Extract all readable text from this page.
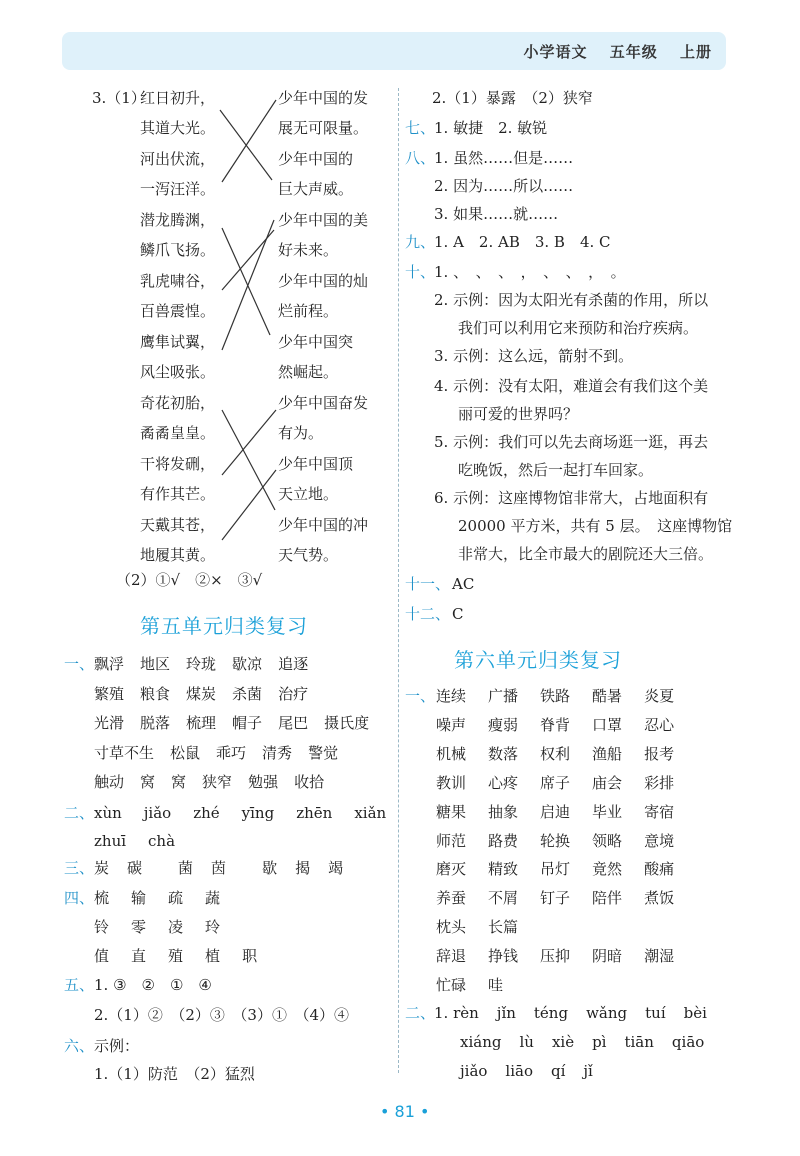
小学语文 五年级 上册
3.（1）
红日初升，
其道大光。
河出伏流，
一泻汪洋。
潜龙腾渊，
鳞爪飞扬。
乳虎啸谷，
百兽震惶。
鹰隼试翼，
风尘吸张。
奇花初胎，
矞矞皇皇。
干将发硎，
有作其芒。
天戴其苍，
地履其黄。
少年中国的发
展无可限量。
少年中国的
巨大声威。
少年中国的美
好未来。
少年中国的灿
烂前程。
少年中国突
然崛起。
少年中国奋发
有为。
少年中国顶
天立地。
少年中国的冲
天气势。
（2）①√　②×　③√
第五单元归类复习
一、 飘浮 地区 玲珑 歇凉 追逐
繁殖 粮食 煤炭 杀菌 治疗
光滑 脱落 梳理 帽子 尾巴 摄氏度
寸草不生 松鼠 乖巧 清秀 警觉
触动 窝 窝 狭窄 勉强 收拾
二、 xùn jiǎo zhé yīng zhēn xiǎn
zhuī chà
三、 炭 碳 菌 茵 歇 揭 竭
四、 梳 输 疏 蔬
铃 零 凌 玲
值 直 殖 植 职
五、 1. ③　②　①　④
2.（1）②　（2）③　（3）①　（4）④
六、 示例：
1.（1）防范　（2）猛烈
2.（1）暴露　（2）狭窄
七、
1. 敏捷　2. 敏锐
八、
1. 虽然……但是……
2. 因为……所以……
3. 如果……就……
九、
1. A　2. AB　3. B　4. C
十、
1. 、　、　、　，　、　、　，　。
2. 示例：因为太阳光有杀菌的作用，所以
我们可以利用它来预防和治疗疾病。
3. 示例：这么远，箭射不到。
4. 示例：没有太阳，难道会有我们这个美
丽可爱的世界吗？
5. 示例：我们可以先去商场逛一逛，再去
吃晚饭，然后一起打车回家。
6. 示例：这座博物馆非常大，占地面积有
20000 平方米，共有 5 层。　这座博物馆
非常大，比全市最大的剧院还大三倍。
十一、 AC
十二、 C
第六单元归类复习
一、 连续 广播 铁路 酷暑 炎夏
噪声 瘦弱 脊背 口罩 忍心
机械 数落 权利 渔船 报考
教训 心疼 席子 庙会 彩排
糖果 抽象 启迪 毕业 寄宿
师范 路费 轮换 领略 意境
磨灭 精致 吊灯 竟然 酸痛
养蚕 不屑 钉子 陪伴 煮饭
枕头 长篇
辞退 挣钱 压抑 阴暗 潮湿
忙碌 哇
二、
1. rèn jǐn téng wǎng tuí bèi
xiáng lù xiè pì tiān qiāo
jiǎo liāo qí jǐ
• 81 •
